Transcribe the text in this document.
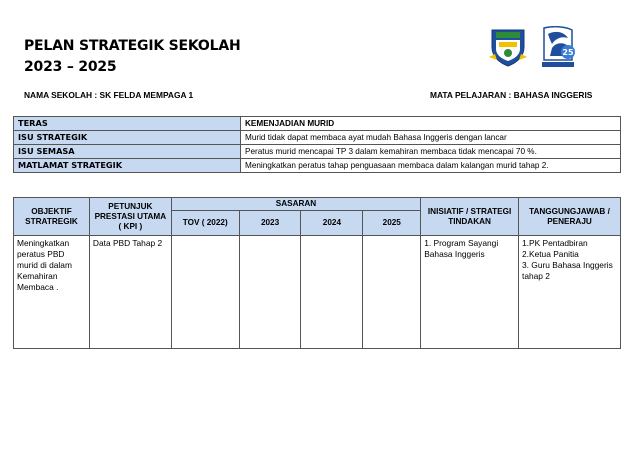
PELAN STRATEGIK SEKOLAH
2023 – 2025
25
NAMA SEKOLAH : SK FELDA MEMPAGA 1	MATA PELAJARAN : BAHASA INGGERIS
TERAS	KEMENJADIAN MURID
ISU STRATEGIK	Murid tidak dapat membaca ayat mudah Bahasa Inggeris dengan lancar
ISU SEMASA	Peratus murid mencapai TP 3 dalam kemahiran membaca tidak mencapai 70 %.
MATLAMAT STRATEGIK	Meningkatkan peratus tahap penguasaan membaca dalam kalangan murid tahap 2.
OBJEKTIF STRATREGIK	PETUNJUK PRESTASI UTAMA ( KPI )	SASARAN				INISIATIF / STRATEGI TINDAKAN	TANGGUNGJAWAB / PENERAJU
		TOV ( 2022)	2023	2024	2025		
Meningkatkan peratus PBD murid di dalam Kemahiran Membaca .	Data PBD Tahap 2					1. Program Sayangi Bahasa Inggeris	1.PK Pentadbiran
2.Ketua Panitia
3. Guru Bahasa Inggeris tahap 2
